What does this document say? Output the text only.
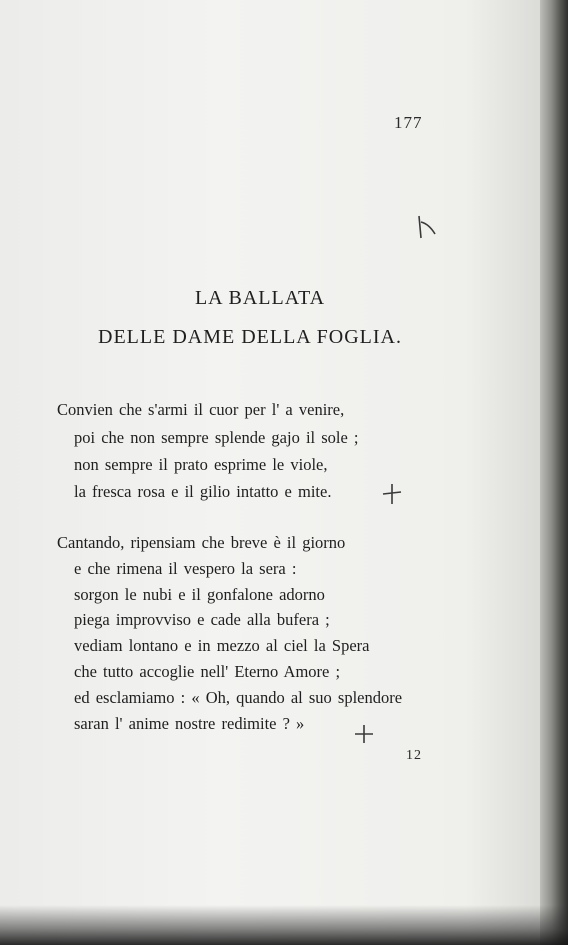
177
LA BALLATA
DELLE DAME DELLA FOGLIA.
Convien che s'armi il cuor per l' a venire,
poi che non sempre splende gajo il sole ;
non sempre il prato esprime le viole,
la fresca rosa e il gilio intatto e mite.
Cantando, ripensiam che breve è il giorno
e che rimena il vespero la sera :
sorgon le nubi e il gonfalone adorno
piega improvviso e cade alla bufera ;
vediam lontano e in mezzo al ciel la Spera
che tutto accoglie nell' Eterno Amore ;
ed esclamiamo : « Oh, quando al suo splendore
saran l' anime nostre redimite ? »
12
